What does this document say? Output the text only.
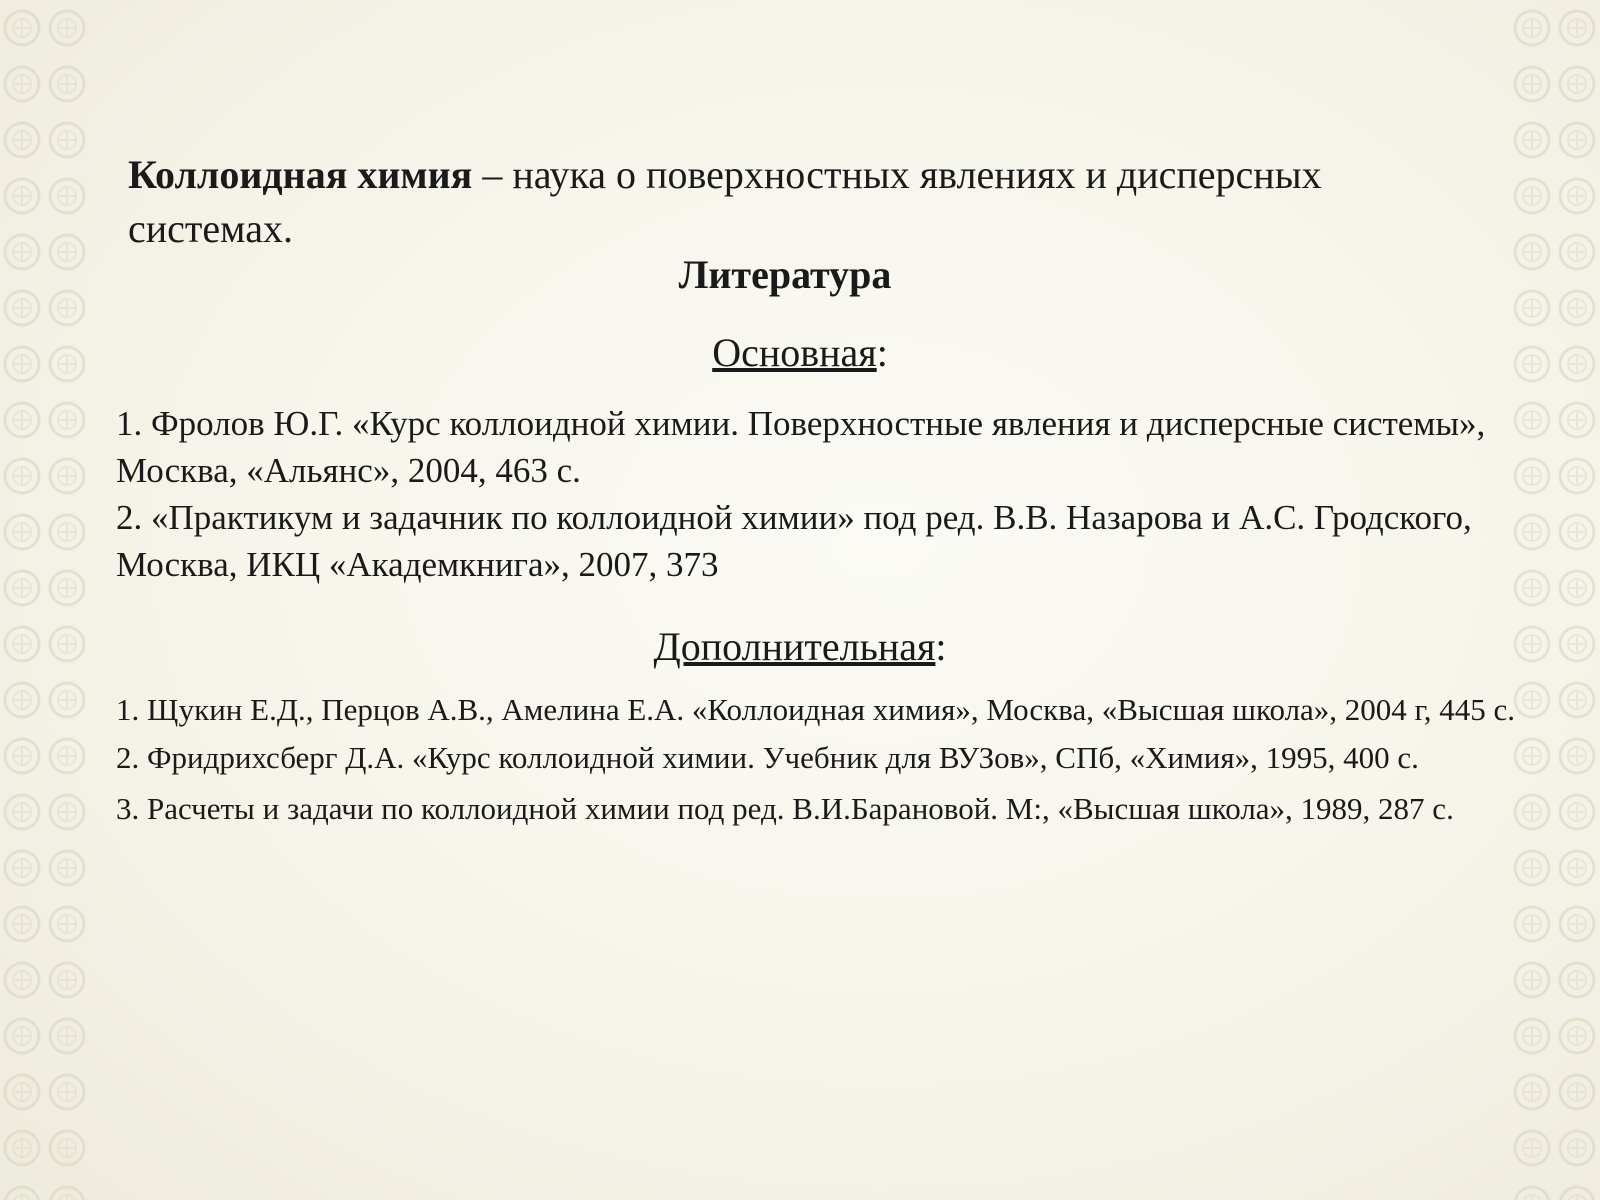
Коллоидная химия – наука о поверхностных явлениях и дисперсных системах.
Литература
Основная:

1. Фролов Ю.Г. «Курс коллоидной химии. Поверхностные явления и дисперсные системы», Москва, «Альянс», 2004, 463 с.

2. «Практикум и задачник по коллоидной химии» под ред. В.В. Назарова и А.С. Гродского, Москва, ИКЦ «Академкнига», 2007, 373

Дополнительная:

1. Щукин Е.Д., Перцов А.В., Амелина Е.А. «Коллоидная химия», Москва, «Высшая школа», 2004 г, 445 с.

2. Фридрихсберг Д.А. «Курс коллоидной химии. Учебник для ВУЗов», СПб, «Химия», 1995, 400 с.

3. Расчеты и задачи по коллоидной химии под ред. В.И.Барановой. М:, «Высшая школа», 1989, 287 с.
